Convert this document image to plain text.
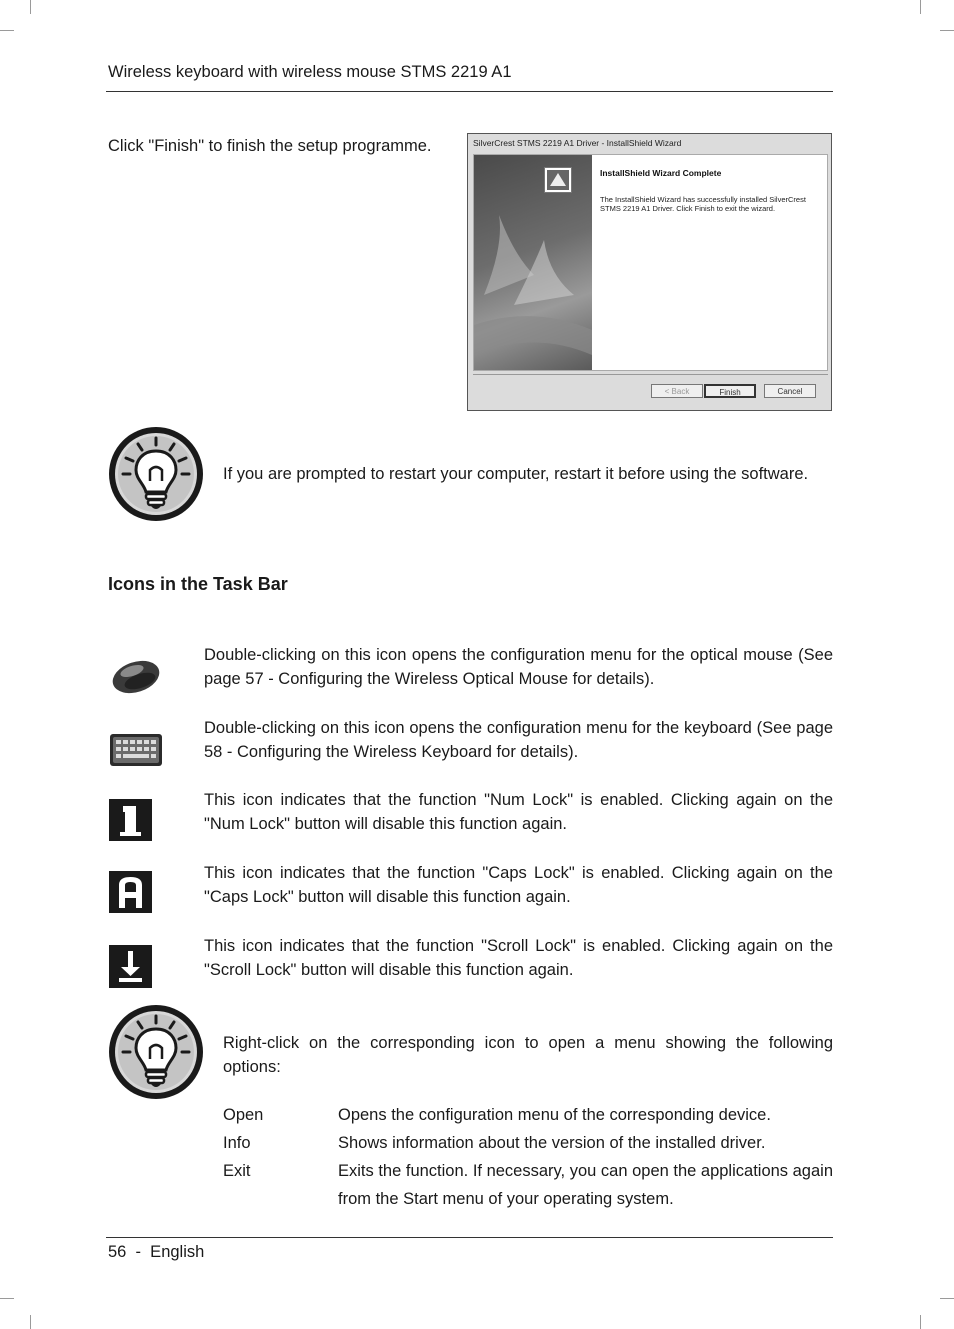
Wireless keyboard with wireless mouse STMS 2219 A1
Click "Finish" to finish the setup programme.	SilverCrest STMS 2219 A1 Driver - InstallShield Wizard
InstallShield Wizard Complete
The InstallShield Wizard has successfully installed SilverCrest STMS 2219 A1 Driver. Click Finish to exit the wizard.
< Back	Finish	Cancel
If you are prompted to restart your computer, restart it before using the software.
Icons in the Task Bar
Double-clicking on this icon opens the configuration menu for the optical mouse (See page 57 - Configuring the Wireless Optical Mouse for details).
Double-clicking on this icon opens the configuration menu for the keyboard (See page 58 - Configuring the Wireless Keyboard for details).
This icon indicates that the function "Num Lock" is enabled. Clicking again on the "Num Lock" button will disable this function again.
This icon indicates that the function "Caps Lock" is enabled. Clicking again on the "Caps Lock" button will disable this function again.
This icon indicates that the function "Scroll Lock" is enabled. Clicking again on the "Scroll Lock" button will disable this function again.
Right-click on the corresponding icon to open a menu showing the following options:
Open	Opens the configuration menu of the corresponding device.
Info	Shows information about the version of the installed driver.
Exit	Exits the function. If necessary, you can open the applications again from the Start menu of your operating system.
56  -  English
